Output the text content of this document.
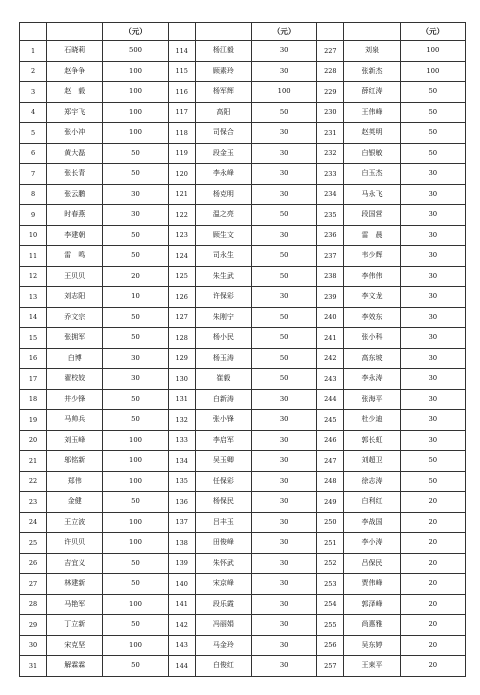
		（元）			（元）			（元）
1	石晓莉	500	114	杨江毅	30	227	刘泉	100
2	赵争争	100	115	顾素玲	30	228	张新杰	100
3	赵　毅	100	116	杨军辉	100	229	薛红涛	50
4	郑宇飞	100	117	高阳	50	230	王伟峰	50
5	张小冲	100	118	司保合	30	231	赵英明	50
6	黄大磊	50	119	段金玉	30	232	白银敏	50
7	张长青	50	120	李永峰	30	233	白玉杰	30
8	张云鹏	30	121	杨克明	30	234	马永飞	30
9	时春燕	30	122	温之亮	50	235	段国营	30
10	李建朝	50	123	顾生文	30	236	雷　晨	30
11	雷　鸣	50	124	司永生	50	237	韦少辉	30
12	王贝贝	20	125	朱生武	50	238	李伟伟	30
13	刘志阳	10	126	许保彩	30	239	李文龙	30
14	乔文宗	50	127	朱刚宁	50	240	李效东	30
15	张拥军	50	128	杨小民	50	241	张小科	30
16	白博	30	129	杨玉涛	50	242	高东坡	30
17	翟校姣	30	130	崔毅	50	243	李永涛	30
18	井少锋	50	131	白新涛	30	244	张海平	30
19	马帅兵	50	132	张小锋	30	245	杜少迪	30
20	刘玉峰	100	133	李启军	30	246	郭长虹	30
21	邬铭新	100	134	吴玉卿	30	247	刘超卫	50
22	郑伟	100	135	任保彩	30	248	徐志涛	50
23	金健	50	136	杨保民	30	249	白利红	20
24	王立波	100	137	吕丰玉	30	250	李战国	20
25	许贝贝	100	138	田俊峰	30	251	李小涛	20
26	吉宜义	50	139	朱怀武	30	252	吕保民	20
27	林建新	50	140	宋京峰	30	253	贾伟峰	20
28	马艳军	100	141	段乐霞	30	254	郭泽峰	20
29	丁立新	50	142	冯丽娟	30	255	尚惠雅	20
30	宋克坚	100	143	马金玲	30	256	吴东婷	20
31	解霖霖	50	144	白俊红	30	257	王束平	20
